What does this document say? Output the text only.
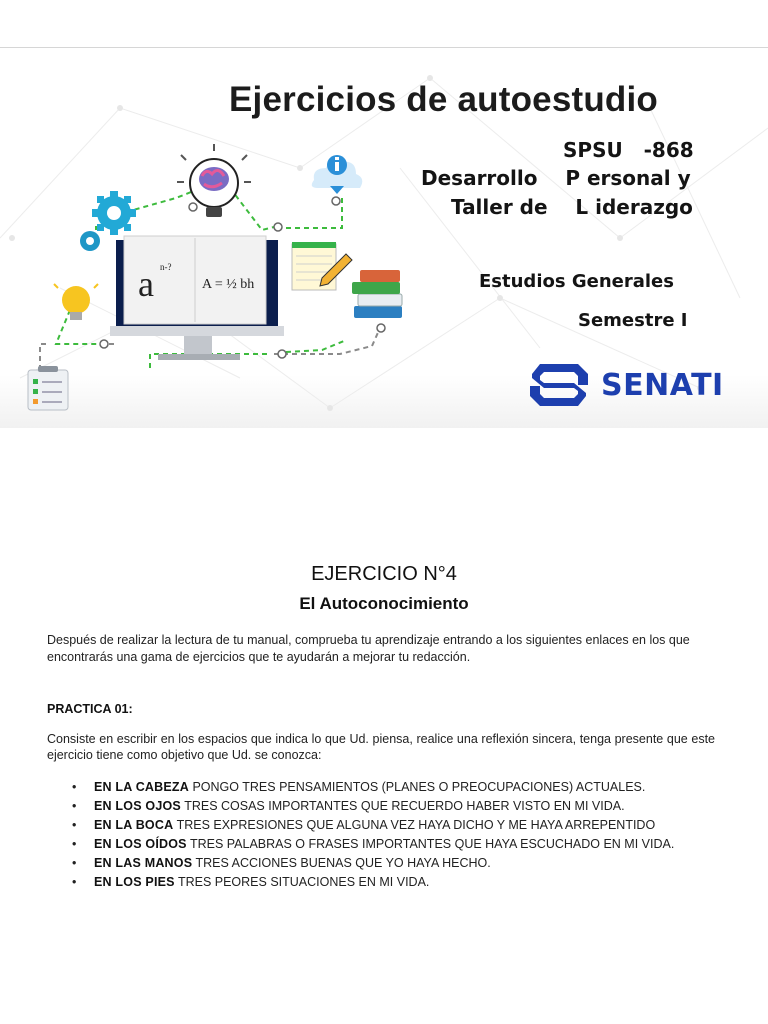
a n-?
A = ½ bh
Ejercicios de autoestudio
SPSU   -868
Desarrollo    P ersonal y
Taller de    L iderazgo
Estudios Generales
Semestre I
SENATI
EJERCICIO N°4
El Autoconocimiento

Después de realizar la lectura de tu manual, comprueba tu aprendizaje entrando a los siguientes enlaces en los que encontrarás una gama de ejercicios que te ayudarán a mejorar tu redacción.

PRACTICA 01:

Consiste en escribir en los espacios que indica lo que Ud. piensa, realice una reflexión sincera, tenga presente que este ejercicio tiene como objetivo que Ud. se conozca:

• EN LA CABEZA PONGO TRES PENSAMIENTOS (PLANES O PREOCUPACIONES) ACTUALES.
• EN LOS OJOS TRES COSAS IMPORTANTES QUE RECUERDO HABER VISTO EN MI VIDA.
• EN LA BOCA TRES EXPRESIONES QUE ALGUNA VEZ HAYA DICHO Y ME HAYA ARREPENTIDO
• EN LOS OÍDOS TRES PALABRAS O FRASES IMPORTANTES QUE HAYA ESCUCHADO EN MI VIDA.
• EN LAS MANOS TRES ACCIONES BUENAS QUE YO HAYA HECHO.
• EN LOS PIES TRES PEORES SITUACIONES EN MI VIDA.
